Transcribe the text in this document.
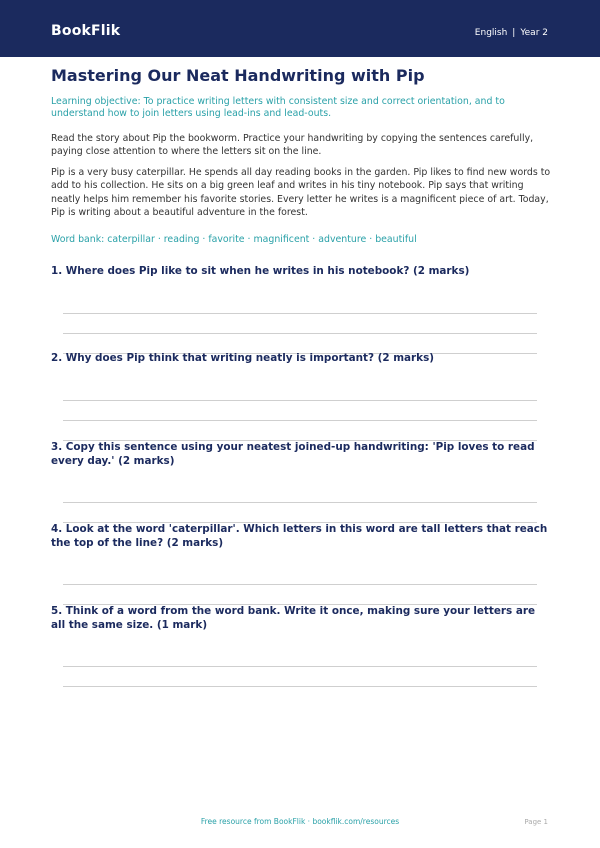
BookFlik	English | Year 2
Mastering Our Neat Handwriting with Pip
Learning objective: To practice writing letters with consistent size and correct orientation, and to understand how to join letters using lead-ins and lead-outs.
Read the story about Pip the bookworm. Practice your handwriting by copying the sentences carefully, paying close attention to where the letters sit on the line.
Pip is a very busy caterpillar. He spends all day reading books in the garden. Pip likes to find new words to add to his collection. He sits on a big green leaf and writes in his tiny notebook. Pip says that writing neatly helps him remember his favorite stories. Every letter he writes is a magnificent piece of art. Today, Pip is writing about a beautiful adventure in the forest.
Word bank: caterpillar · reading · favorite · magnificent · adventure · beautiful
1. Where does Pip like to sit when he writes in his notebook? (2 marks)
2. Why does Pip think that writing neatly is important? (2 marks)
3. Copy this sentence using your neatest joined-up handwriting: 'Pip loves to read every day.' (2 marks)
4. Look at the word 'caterpillar'. Which letters in this word are tall letters that reach the top of the line? (2 marks)
5. Think of a word from the word bank. Write it once, making sure your letters are all the same size. (1 mark)
Free resource from BookFlik · bookflik.com/resources	Page 1
